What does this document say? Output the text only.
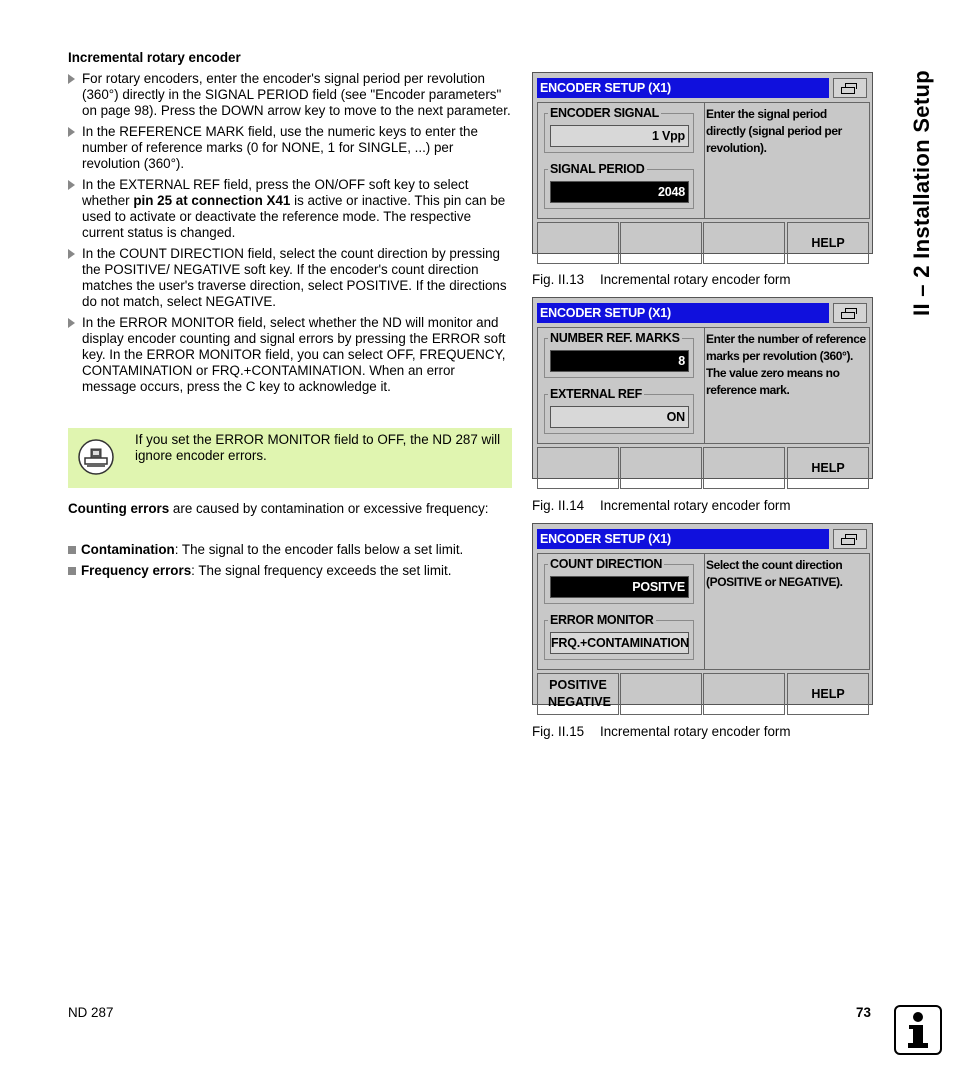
II – 2 Installation Setup
Incremental rotary encoder
For rotary encoders, enter the encoder's signal period per revolution (360°) directly in the SIGNAL PERIOD field (see "Encoder parameters" on page 98). Press the DOWN arrow key to move to the next parameter.
In the REFERENCE MARK field, use the numeric keys to enter the number of reference marks (0 for NONE, 1 for SINGLE, ...) per revolution (360°).
In the EXTERNAL REF field, press the ON/OFF soft key to select whether pin 25 at connection X41 is active or inactive. This pin can be used to activate or deactivate the reference mode. The respective current status is changed.
In the COUNT DIRECTION field, select the count direction by pressing the POSITIVE/ NEGATIVE soft key. If the encoder's count direction matches the user's traverse direction, select POSITIVE. If the directions do not match, select NEGATIVE.
In the ERROR MONITOR field, select whether the ND will monitor and display encoder counting and signal errors by pressing the ERROR soft key. In the ERROR MONITOR field, you can select OFF, FREQUENCY, CONTAMINATION or FRQ.+CONTAMINATION. When an error message occurs, press the C key to acknowledge it.
If you set the ERROR MONITOR field to OFF, the ND 287 will ignore encoder errors.
Counting errors are caused by contamination or excessive frequency:
Contamination: The signal to the encoder falls below a set limit.
Frequency errors: The signal frequency exceeds the set limit.
ENCODER SETUP (X1)
ENCODER SIGNAL
1 Vpp
SIGNAL PERIOD
2048
Enter the signal period directly (signal period per revolution).
HELP
Fig. II.13 Incremental rotary encoder form
ENCODER SETUP (X1)
NUMBER REF. MARKS
8
EXTERNAL REF
ON
Enter the number of reference marks per revolution (360°). The value zero means no reference mark.
HELP
Fig. II.14 Incremental rotary encoder form
ENCODER SETUP (X1)
COUNT DIRECTION
POSITVE
ERROR MONITOR
FRQ.+CONTAMINATION
Select the count direction (POSITIVE or NEGATIVE).
POSITIVE NEGATIVE
HELP
Fig. II.15 Incremental rotary encoder form
ND 287	73
